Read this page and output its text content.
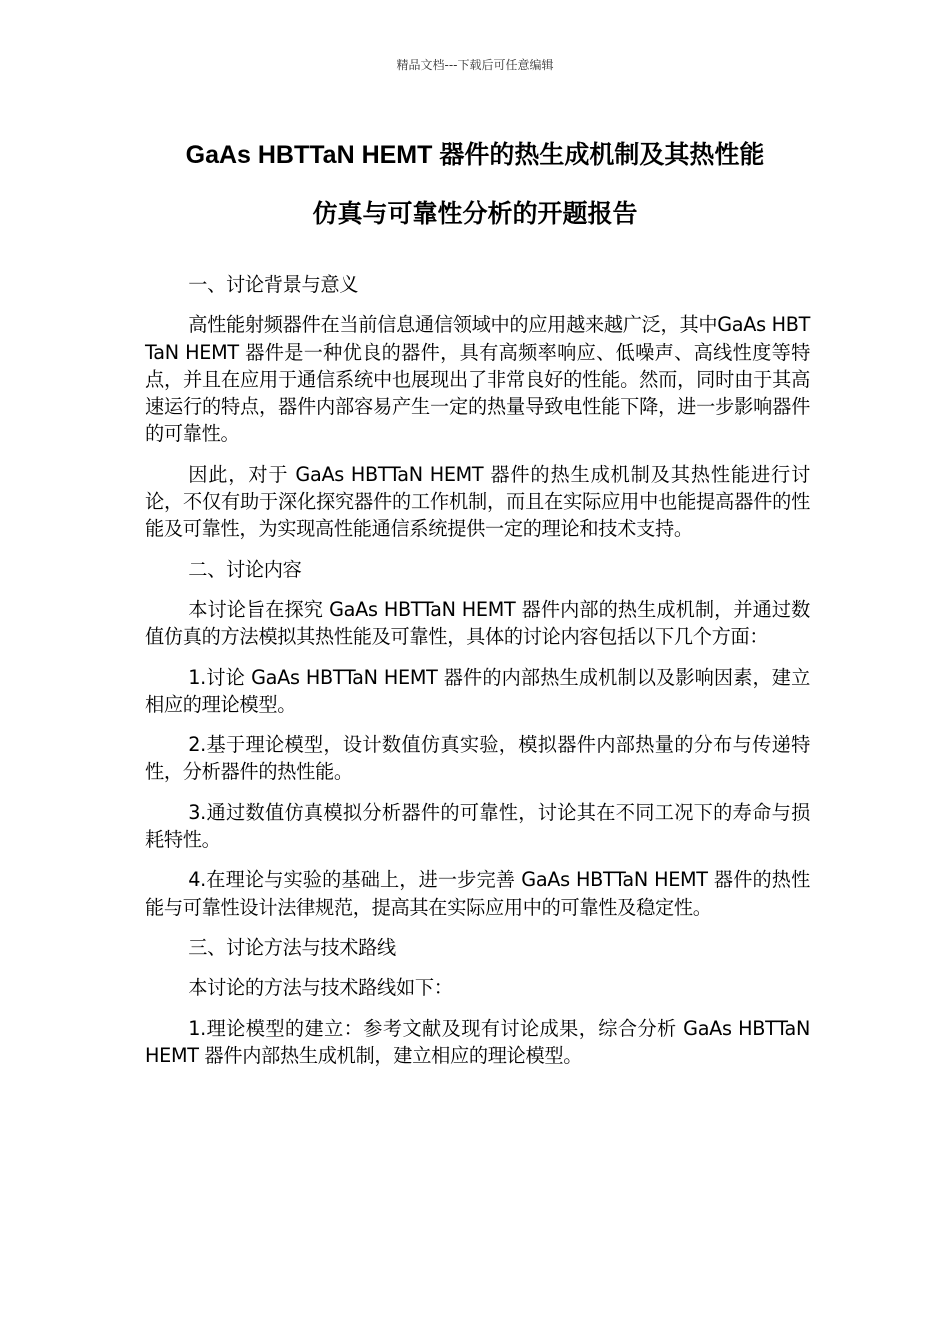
精品文档---下载后可任意编辑
GaAs HBTTaN HEMT 器件的热生成机制及其热性能
仿真与可靠性分析的开题报告

一、讨论背景与意义

高性能射频器件在当前信息通信领域中的应用越来越广泛，其中GaAs HBTTaN HEMT 器件是一种优良的器件，具有高频率响应、低噪声、高线性度等特点，并且在应用于通信系统中也展现出了非常良好的性能。然而，同时由于其高速运行的特点，器件内部容易产生一定的热量导致电性能下降，进一步影响器件的可靠性。

因此，对于 GaAs HBTTaN HEMT 器件的热生成机制及其热性能进行讨论，不仅有助于深化探究器件的工作机制，而且在实际应用中也能提高器件的性能及可靠性，为实现高性能通信系统提供一定的理论和技术支持。

二、讨论内容

本讨论旨在探究 GaAs HBTTaN HEMT 器件内部的热生成机制，并通过数值仿真的方法模拟其热性能及可靠性，具体的讨论内容包括以下几个方面：

1.讨论 GaAs HBTTaN HEMT 器件的内部热生成机制以及影响因素，建立相应的理论模型。

2.基于理论模型，设计数值仿真实验，模拟器件内部热量的分布与传递特性，分析器件的热性能。

3.通过数值仿真模拟分析器件的可靠性，讨论其在不同工况下的寿命与损耗特性。

4.在理论与实验的基础上，进一步完善 GaAs HBTTaN HEMT 器件的热性能与可靠性设计法律规范，提高其在实际应用中的可靠性及稳定性。

三、讨论方法与技术路线

本讨论的方法与技术路线如下：

1.理论模型的建立：参考文献及现有讨论成果，综合分析 GaAs HBTTaN HEMT 器件内部热生成机制，建立相应的理论模型。
